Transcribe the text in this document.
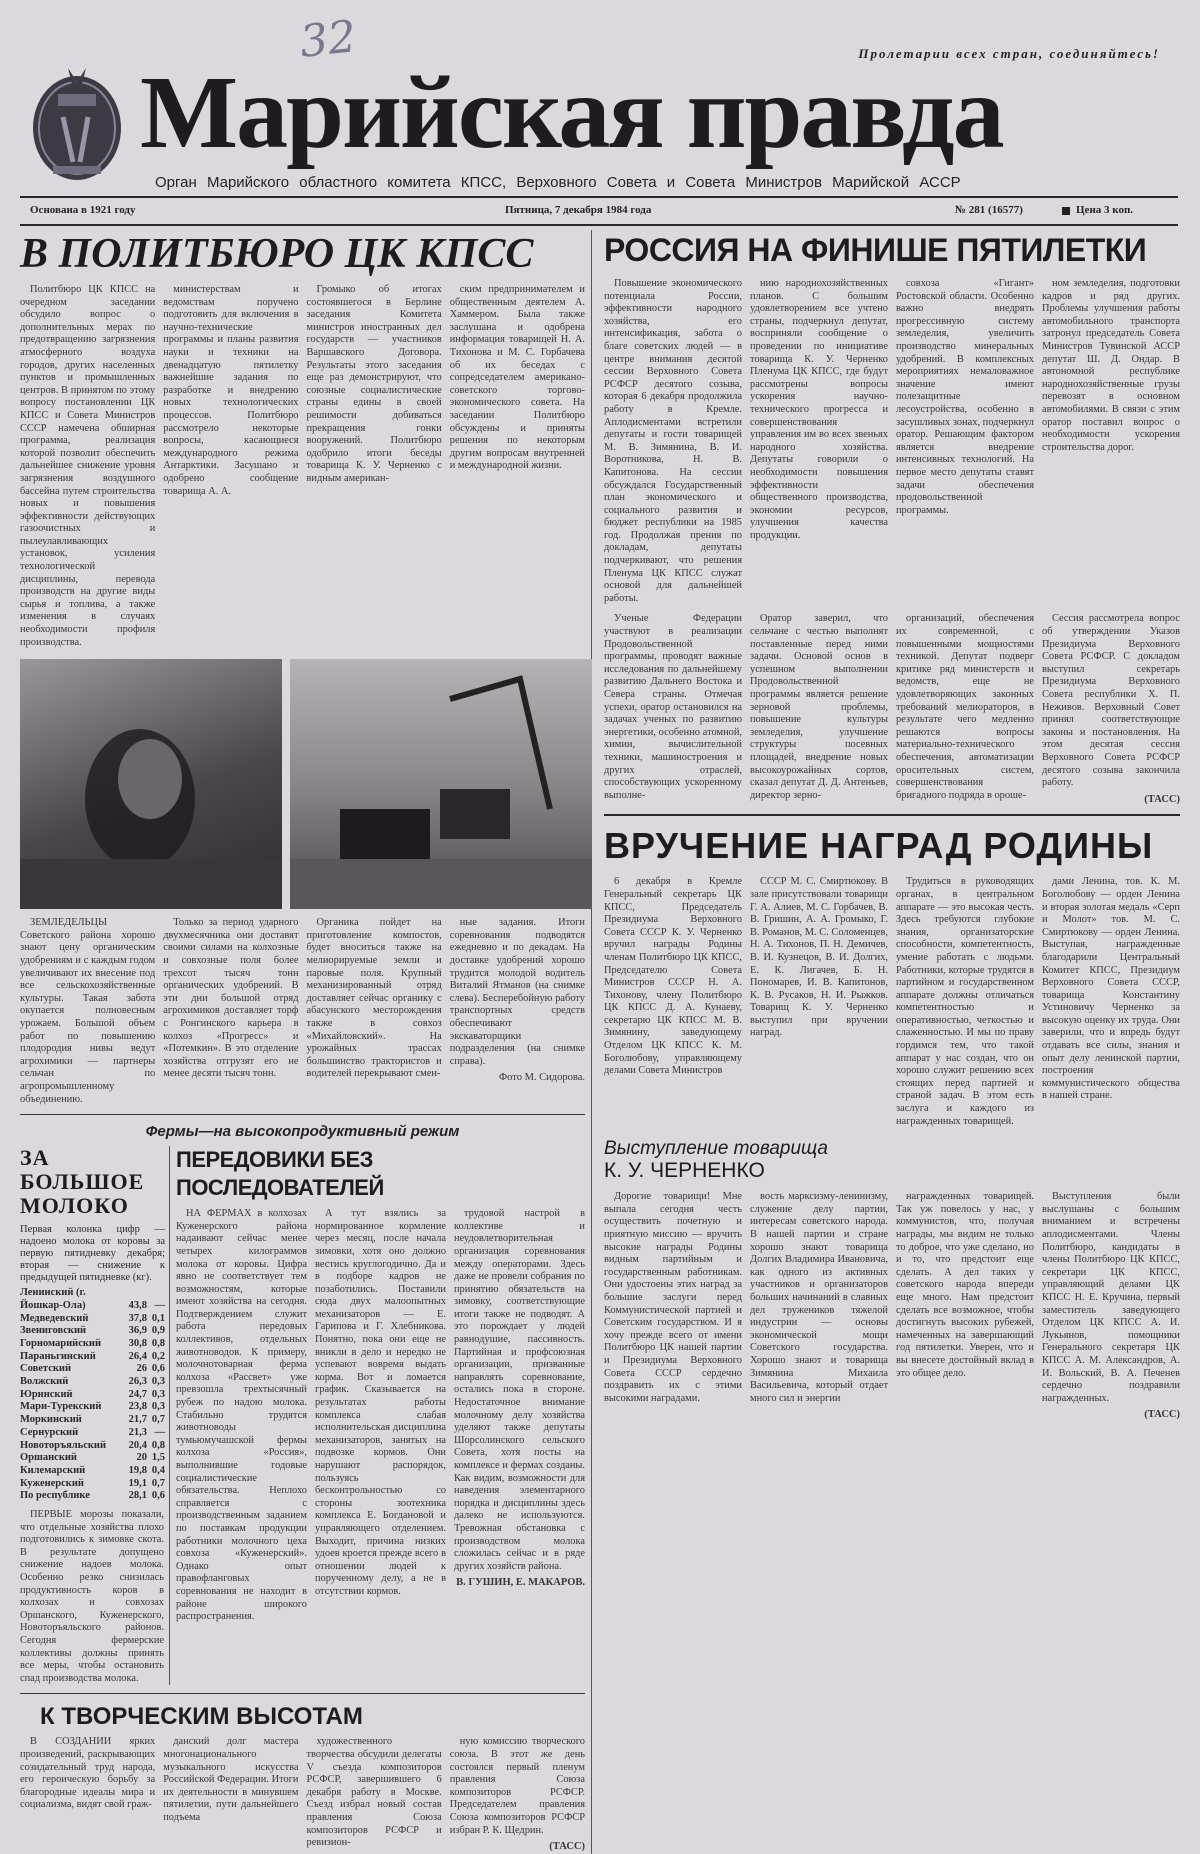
32	Пролетарии всех стран, соединяйтесь!
Марийская правда
Орган Марийского областного комитета КПСС, Верховного Совета и Совета Министров Марийской АССР
Основана в 1921 году	Пятница, 7 декабря 1984 года	№ 281 (16577)	Цена 3 коп.
В ПОЛИТБЮРО ЦК КПСС

Политбюро ЦК КПСС на очередном заседании обсудило вопрос о дополнительных мерах по предотвращению загрязнения атмосферного воздуха городов, других населенных пунктов и промышленных центров. В принятом по этому вопросу постановлении ЦК КПСС и Совета Министров СССР намечена обширная программа, реализация которой позволит обеспечить дальнейшее снижение уровня загрязнения воздушного бассейна путем строительства новых и повышения эффективности действующих газоочистных и пылеулавливающих установок, усиления технологической дисциплины, перевода производств на другие виды сырья и топлива, а также изменения в случаях необходимости профиля производства.

министерствам и ведомствам поручено подготовить для включения в научно-технические программы и планы развития науки и техники на двенадцатую пятилетку важнейшие задания по разработке и внедрению новых технологических процессов. Политбюро рассмотрело некоторые вопросы, касающиеся международного режима Антарктики. Засушано и одобрено сообщение товарища А. А.

Громыко об итогах состоявшегося в Берлине заседания Комитета министров иностранных дел государств — участников Варшавского Договора. Результаты этого заседания еще раз демонстрируют, что союзные социалистические страны едины в своей решимости добиваться прекращения гонки вооружений. Политбюро одобрило итоги беседы товарища К. У. Черненко с видным американ-

ским предпринимателем и общественным деятелем А. Хаммером. Была также заслушана и одобрена информация товарищей Н. А. Тихонова и М. С. Горбачева об их беседах с сопредседателем американо-советского торгово-экономического совета. На заседании Политбюро обсуждены и приняты решения по некоторым другим вопросам внутренней и международной жизни.

ЗЕМЛЕДЕЛЬЦЫ Советского района хорошо знают цену органическим удобрениям и с каждым годом увеличивают их внесение под все сельскохозяйственные культуры. Такая забота окупается полновесным урожаем. Большой объем работ по повышению плодородия нивы ведут агрохимики — партнеры сельчан по агропромышленному объединению.

Только за период ударного двухмесячника они доставят своими силами на колхозные и совхозные поля более трехсот тысяч тонн органических удобрений. В эти дни большой отряд агрохимиков доставляет торф с Ронгинского карьера в колхоз «Прогресс» и «Потемкин». В это отделение хозяйства отгрузят его не менее десяти тысяч тонн.

Органика пойдет на приготовление компостов, будет вноситься также на мелиорируемые земли и паровые поля. Крупный механизированный отряд доставляет сейчас органику с абасунского месторождения также в совхоз «Михайловский». На урожайных трассах большинство трактористов и водителей перекрывают смен-

ные задания. Итоги соревнования подводятся ежедневно и по декадам. На доставке удобрений хорошо трудится молодой водитель Виталий Ятманов (на снимке слева). Бесперебойную работу транспортных средств обеспечивают экскаваторщики подразделения (на снимке справа).

Фото М. Сидорова.
Фермы—на высокопродуктивный режим
ЗА БОЛЬШОЕ МОЛОКО
Первая колонка цифр — надоено молока от коровы за первую пятидневку декабря; вторая — снижение к предыдущей пятидневке (кг).		
Ленинский (г. Йошкар-Ола)	43,8	—
Медведевский	37,8	0,1
Звениговский	36,9	0,9
Горномарийский	30,8	0,8
Параньгинский	26,4	0,2
Советский	26	0,6
Волжский	26,3	0,3
Юринский	24,7	0,3
Мари-Турекский	23,8	0,3
Моркинский	21,7	0,7
Сернурский	21,3	—
Новоторъяльский	20,4	0,8
Оршанский	20	1,5
Килемарский	19,8	0,4
Куженерский	19,1	0,7
По республике	28,1	0,6

ПЕРВЫЕ морозы показали, что отдельные хозяйства плохо подготовились к зимовке скота. В результате допущено снижение надоев молока. Особенно резко снизилась продуктивность коров в колхозах и совхозах Оршанского, Куженерского, Новоторъяльского районов. Сегодня фермерские коллективы должны принять все меры, чтобы остановить спад производства молока.

ПЕРЕДОВИКИ БЕЗ ПОСЛЕДОВАТЕЛЕЙ

НА ФЕРМАХ в колхозах Куженерского района надаивают сейчас менее четырех килограммов молока от коровы. Цифра явно не соответствует тем возможностям, которые имеют хозяйства на сегодня. Подтверждением служит работа передовых коллективов, отдельных животноводов. К примеру, молочнотоварная ферма колхоза «Рассвет» уже превзошла трехтысячный рубеж по надою молока. Стабильно трудятся животноводы тумьюмучашской фермы колхоза «Россия», выполнившие годовые социалистические обязательства. Неплохо справляется с производственным заданием по поставкам продукции работники молочного цеха совхоза «Куженерский». Однако опыт правофланговых соревнования не находит в районе широкого распространения.

А тут взялись за нормированное кормление через месяц, после начала зимовки, хотя оно должно вестись круглогодично. Да и в подборе кадров не позаботились. Поставили сюда двух малоопытных механизаторов — Е. Гарипова и Г. Хлебникова. Понятно, пока они еще не вникли в дело и нередко не успевают вовремя выдать корма. Вот и ломается график. Сказывается на результатах работы комплекса слабая исполнительская дисциплина механизаторов, занятых на подвозке кормов. Они нарушают распорядок, пользуясь бесконтрольностью со стороны зоотехника комплекса Е. Богдановой и управляющего отделением. Выходит, причина низких удоев кроется прежде всего в отношении людей к порученному делу, а не в отсутствии кормов.

трудовой настрой в коллективе и неудовлетворительная организация соревнования между операторами. Здесь даже не провели собрания по принятию обязательств на зимовку, соответствующие итоги также не подводят. А это порождает у людей равнодушие, пассивность. Партийная и профсоюзная организации, призванные направлять соревнование, остались пока в стороне. Недостаточное внимание молочному делу хозяйства уделяют также депутаты Шорсолинского сельского Совета, хотя посты на комплексе и фермах созданы. Как видим, возможности для наведения элементарного порядка и дисциплины здесь далеко не используются. Тревожная обстановка с производством молока сложилась сейчас и в ряде других хозяйств района.

В. ГУШИН, Е. МАКАРОВ.
К ТВОРЧЕСКИМ ВЫСОТАМ

В СОЗДАНИИ ярких произведений, раскрывающих созидательный труд народа, его героическую борьбу за благородные идеалы мира и социализма, видят свой граж-

данский долг мастера многонационального музыкального искусства Российской Федерации. Итоги их деятельности в минувшем пятилетии, пути дальнейшего подъема

художественного творчества обсудили делегаты V съезда композиторов РСФСР, завершившего 6 декабря работу в Москве. Съезд избрал новый состав правления Союза композиторов РСФСР и ревизион-

ную комиссию творческого союза. В этот же день состоялся первый пленум правления Союза композиторов РСФСР. Председателем правления Союза композиторов РСФСР избран Р. К. Щедрин.

(ТАСС)
РОССИЯ НА ФИНИШЕ ПЯТИЛЕТКИ

Повышение экономического потенциала России, эффективности народного хозяйства, его интенсификация, забота о благе советских людей — в центре внимания десятой сессии Верховного Совета РСФСР десятого созыва, которая 6 декабря продолжила работу в Кремле. Аплодисментами встретили депутаты и гости товарищей М. В. Зимянина, В. И. Воротникова, Н. В. Капитонова. На сессии обсуждался Государственный план экономического и социального развития и бюджет республики на 1985 год. Продолжая прения по докладам, депутаты подчеркивают, что решения Пленума ЦК КПСС служат основой для дальнейшей работы.

нию народнохозяйственных планов. С большим удовлетворением все учтено страны, подчеркнул депутат, восприняли сообщение о проведении по инициативе товарища К. У. Черненко Пленума ЦК КПСС, где будут рассмотрены вопросы ускорения научно-технического прогресса и совершенствования управления им во всех звеньях народного хозяйства. Депутаты говорили о необходимости повышения эффективности общественного производства, экономии ресурсов, улучшения качества продукции.

совхоза «Гигант» Ростовской области. Особенно важно внедрять прогрессивную систему земледелия, увеличить производство минеральных удобрений. В комплексных мероприятиях немаловажное значение имеют полезащитные лесоустройства, особенно в засушливых зонах, подчеркнул оратор. Решающим фактором является внедрение интенсивных технологий. На первое место депутаты ставят задачи обеспечения продовольственной программы.

ном земледелия, подготовки кадров и ряд других. Проблемы улучшения работы автомобильного транспорта затронул председатель Совета Министров Тувинской АССР депутат Ш. Д. Ондар. В автономной республике народнохозяйственные грузы перевозят в основном автомобилями. В связи с этим оратор поставил вопрос о необходимости ускорения строительства дорог.

Ученые Федерации участвуют в реализации Продовольственной программы, проводят важные исследования по дальнейшему развитию Дальнего Востока и Севера страны. Отмечая успехи, оратор остановился на задачах ученых по развитию энергетики, особенно атомной, химии, вычислительной техники, машиностроения и других отраслей, способствующих ускоренному выполне-

Оратор заверил, что сельчане с честью выполнят поставленные перед ними задачи. Основой основ в успешном выполнении Продовольственной программы является решение зерновой проблемы, повышение культуры земледелия, улучшение структуры посевных площадей, внедрение новых высокоурожайных сортов, сказал депутат Д. Д. Антеньев, директор зерно-

организаций, обеспечения их современной, с повышенными мощностями техникой. Депутат подверг критике ряд министерств и ведомств, еще не удовлетворяющих законных требований мелиораторов, в результате чего медленно решаются вопросы материально-технического обеспечения, автоматизации оросительных систем, совершенствования бригадного подряда в ороше-

Сессия рассмотрела вопрос об утверждении Указов Президиума Верховного Совета РСФСР. С докладом выступил секретарь Президиума Верховного Совета республики Х. П. Неживов. Верховный Совет принял соответствующие законы и постановления. На этом десятая сессия Верховного Совета РСФСР десятого созыва закончила работу.

(ТАСС)
ВРУЧЕНИЕ НАГРАД РОДИНЫ

6 декабря в Кремле Генеральный секретарь ЦК КПСС, Председатель Президиума Верховного Совета СССР К. У. Черненко вручил награды Родины членам Политбюро ЦК КПСС, Председателю Совета Министров СССР Н. А. Тихонову, члену Политбюро ЦК КПСС Д. А. Кунаеву, секретарю ЦК КПСС М. В. Зимянину, заведующему Отделом ЦК КПСС К. М. Боголюбову, управляющему делами Совета Министров

СССР М. С. Смиртюкову. В зале присутствовали товарищи Г. А. Алиев, М. С. Горбачев, В. В. Гришин, А. А. Громыко, Г. В. Романов, М. С. Соломенцев, Н. А. Тихонов, П. Н. Демичев, В. И. Кузнецов, В. И. Долгих, Е. К. Лигачев, Б. Н. Пономарев, И. В. Капитонов, К. В. Русаков, Н. И. Рыжков. Товарищ К. У. Черненко выступил при вручении наград.

Трудиться в руководящих органах, в центральном аппарате — это высокая честь. Здесь требуются глубокие знания, организаторские способности, компетентность, умение работать с людьми. Работники, которые трудятся в партийном и государственном аппарате должны отличаться компетентностью и оперативностью, четкостью и слаженностью. И мы по праву гордимся тем, что такой аппарат у нас создан, что он хорошо служит решению всех стоящих перед партией и страной задач. В этом есть заслуга и каждого из награжденных товарищей.

дами Ленина, тов. К. М. Боголюбову — орден Ленина и вторая золотая медаль «Серп и Молот» тов. М. С. Смиртюкову — орден Ленина. Выступая, награжденные благодарили Центральный Комитет КПСС, Президиум Верховного Совета СССР, товарища Константину Устиновичу Черненко за высокую оценку их труда. Они заверили, что и впредь будут отдавать все силы, знания и опыт делу ленинской партии, построения коммунистического общества в нашей стране.

Выступление товарища
К. У. ЧЕРНЕНКО

Дорогие товарищи! Мне выпала сегодня честь осуществить почетную и приятную миссию — вручить высокие награды Родины видным партийным и государственным работникам. Они удостоены этих наград за большие заслуги перед Коммунистической партией и Советским государством. И я хочу прежде всего от имени Политбюро ЦК нашей партии и Президиума Верховного Совета СССР сердечно поздравить их с этими высокими наградами.

вость марксизму-ленинизму, служение делу партии, интересам советского народа. В нашей партии и стране хорошо знают товарища Долгих Владимира Ивановича, как одного из активных участников и организаторов больших начинаний в славных дел тружеников тяжелой индустрии — основы экономической мощи Советского государства. Хорошо знают и товарища Зимянина Михаила Васильевича, который отдает много сил и энергии

награжденных товарищей. Так уж повелось у нас, у коммунистов, что, получая награды, мы видим не только то доброе, что уже сделано, но и то, что предстоит еще сделать. А дел таких у советского народа впереди еще много. Нам предстоит сделать все возможное, чтобы достигнуть высоких рубежей, намеченных на завершающий год пятилетки. Уверен, что и вы внесете достойный вклад в это общее дело.

Выступления были выслушаны с большим вниманием и встречены аплодисментами. Члены Политбюро, кандидаты в члены Политбюро ЦК КПСС, секретари ЦК КПСС, управляющий делами ЦК КПСС Н. Е. Кручина, первый заместитель заведующего Отделом ЦК КПСС А. И. Лукьянов, помощники Генерального секретаря ЦК КПСС А. М. Александров, А. И. Вольский, В. А. Печенев сердечно поздравили награжденных.

(ТАСС)
